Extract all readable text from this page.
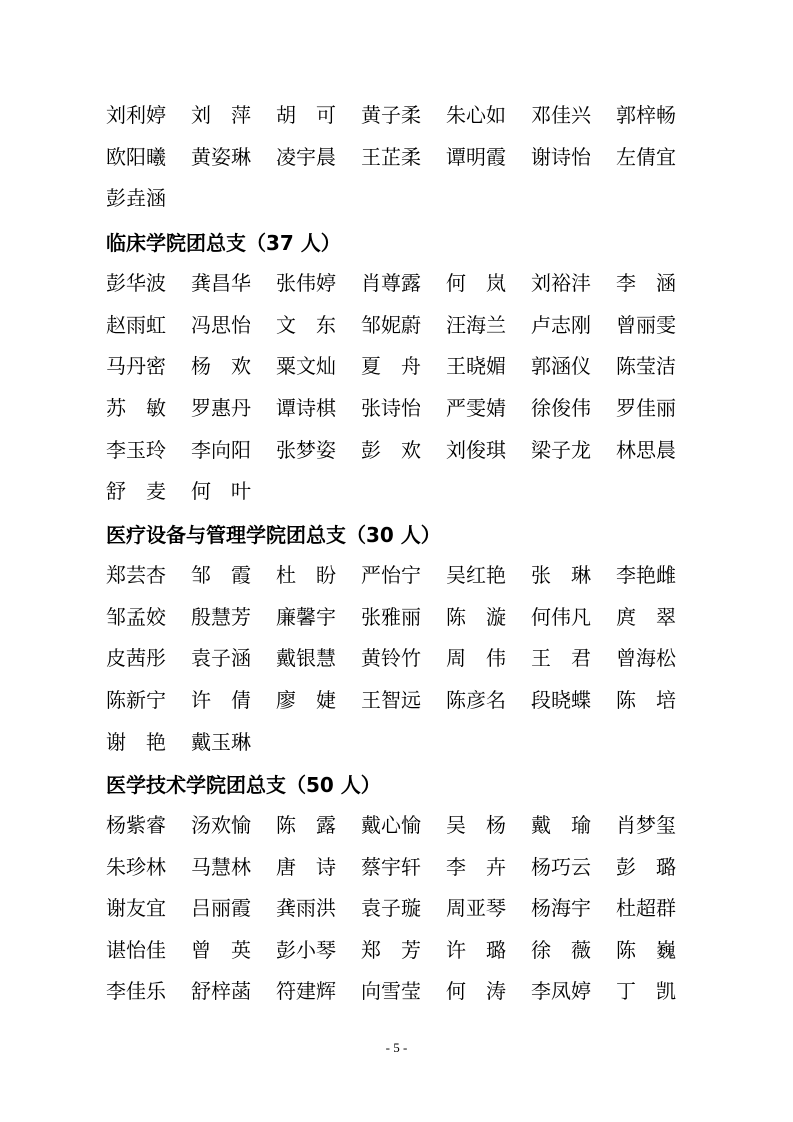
刘利婷	刘　萍	胡　可	黄子柔	朱心如	邓佳兴	郭梓畅
欧阳曦	黄姿琳	凌宇晨	王芷柔	谭明霞	谢诗怡	左倩宜
彭垚涵
临床学院团总支（37 人）
彭华波	龚昌华	张伟婷	肖尊露	何　岚	刘裕沣	李　涵
赵雨虹	冯思怡	文　东	邹妮蔚	汪海兰	卢志刚	曾丽雯
马丹密	杨　欢	粟文灿	夏　舟	王晓媚	郭涵仪	陈莹洁
苏　敏	罗惠丹	谭诗棋	张诗怡	严雯婧	徐俊伟	罗佳丽
李玉玲	李向阳	张梦姿	彭　欢	刘俊琪	梁子龙	林思晨
舒　麦	何　叶
医疗设备与管理学院团总支（30 人）
郑芸杏	邹　霞	杜　盼	严怡宁	吴红艳	张　琳	李艳雌
邹孟姣	殷慧芳	廉馨宇	张雅丽	陈　漩	何伟凡	庹　翠
皮茜彤	袁子涵	戴银慧	黄铃竹	周　伟	王　君	曾海松
陈新宁	许　倩	廖　婕	王智远	陈彦名	段晓蝶	陈　培
谢　艳	戴玉琳
医学技术学院团总支（50 人）
杨紫睿	汤欢愉	陈　露	戴心愉	吴　杨	戴　瑜	肖梦玺
朱珍林	马慧林	唐　诗	蔡宇轩	李　卉	杨巧云	彭　璐
谢友宜	吕丽霞	龚雨洪	袁子璇	周亚琴	杨海宇	杜超群
谌怡佳	曾　英	彭小琴	郑　芳	许　璐	徐　薇	陈　巍
李佳乐	舒梓菡	符建辉	向雪莹	何　涛	李凤婷	丁　凯
- 5 -
